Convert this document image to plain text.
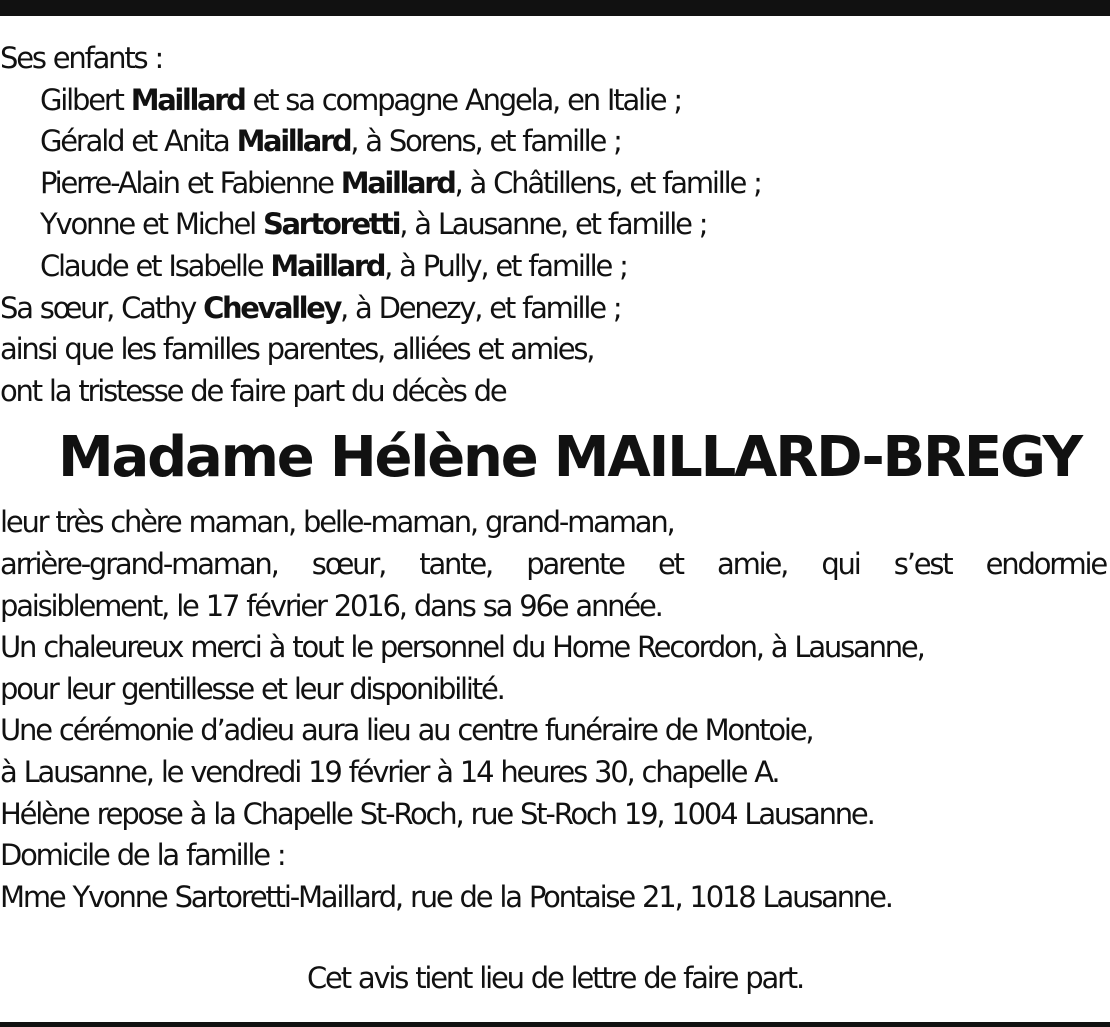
Ses enfants :
Gilbert Maillard et sa compagne Angela, en Italie ;
Gérald et Anita Maillard, à Sorens, et famille ;
Pierre-Alain et Fabienne Maillard, à Châtillens, et famille ;
Yvonne et Michel Sartoretti, à Lausanne, et famille ;
Claude et Isabelle Maillard, à Pully, et famille ;
Sa sœur, Cathy Chevalley, à Denezy, et famille ;
ainsi que les familles parentes, alliées et amies,
ont la tristesse de faire part du décès de
Madame Hélène MAILLARD-BREGY
leur très chère maman, belle-maman, grand-maman,
arrière-grand-maman, sœur, tante, parente et amie, qui s’est endormie
paisiblement, le 17 février 2016, dans sa 96e année.
Un chaleureux merci à tout le personnel du Home Recordon, à Lausanne,
pour leur gentillesse et leur disponibilité.
Une cérémonie d’adieu aura lieu au centre funéraire de Montoie,
à Lausanne, le vendredi 19 février à 14 heures 30, chapelle A.
Hélène repose à la Chapelle St-Roch, rue St-Roch 19, 1004 Lausanne.
Domicile de la famille :
Mme Yvonne Sartoretti-Maillard, rue de la Pontaise 21, 1018 Lausanne.
Cet avis tient lieu de lettre de faire part.
